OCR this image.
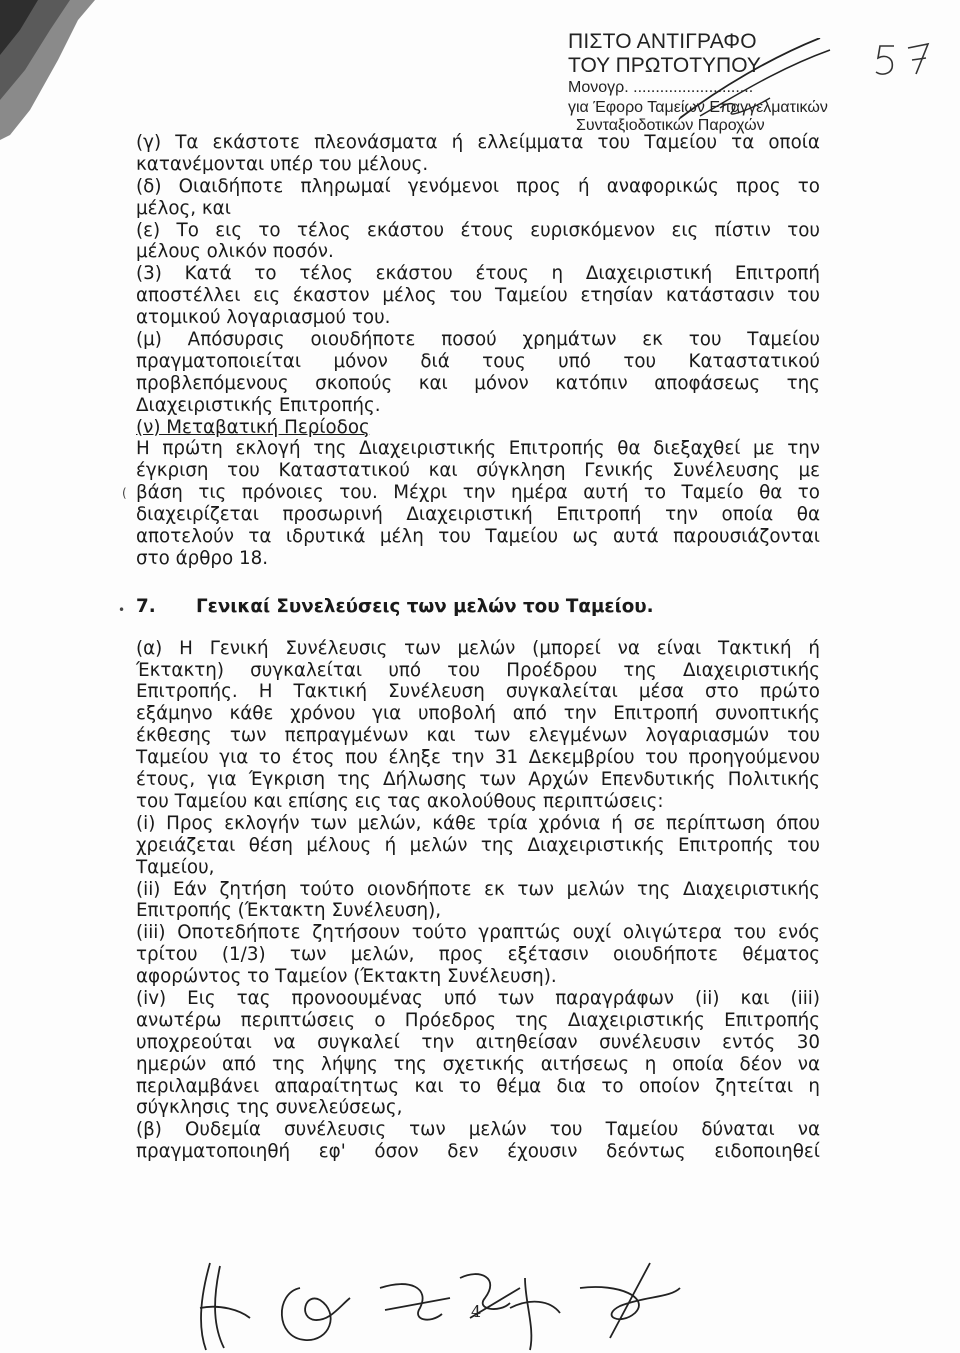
ΠΙΣΤΟ ΑΝΤΙΓΡΑΦΟ
ΤΟΥ ΠΡΩΤΟΤΥΠΟΥ
Μονογρ. ...........................
για Έφορο Ταμείων Επαγγελματικών
Συνταξιοδοτικών Παροχών
(γ) Τα εκάστοτε πλεονάσματα ή ελλείμματα του Ταμείου τα οποία
κατανέμονται υπέρ του μέλους.
(δ) Οιαιδήποτε πληρωμαί γενόμενοι προς ή αναφορικώς προς το
μέλος, και
(ε) Το εις το τέλος εκάστου έτους ευρισκόμενον εις πίστιν του
μέλους ολικόν ποσόν.
(3) Κατά το τέλος εκάστου έτους η Διαχειριστική Επιτροπή
αποστέλλει εις έκαστον μέλος του Ταμείου ετησίαν κατάστασιν του
ατομικού λογαριασμού του.
(μ) Απόσυρσις οιουδήποτε ποσού χρημάτων εκ του Ταμείου
πραγματοποιείται μόνον διά τους υπό του Καταστατικού
προβλεπόμενους σκοπούς και μόνον κατόπιν αποφάσεως της
Διαχειριστικής Επιτροπής.
(ν) Μεταβατική Περίοδος
Η πρώτη εκλογή της Διαχειριστικής Επιτροπής θα διεξαχθεί με την
έγκριση του Καταστατικού και σύγκληση Γενικής Συνέλευσης με
βάση τις πρόνοιες του. Μέχρι την ημέρα αυτή το Ταμείο θα το
διαχειρίζεται προσωρινή Διαχειριστική Επιτροπή την οποία θα
αποτελούν τα ιδρυτικά μέλη του Ταμείου ως αυτά παρουσιάζονται
στο άρθρο 18.
7. Γενικαί Συνελεύσεις των μελών του Ταμείου.
(α) Η Γενική Συνέλευσις των μελών (μπορεί να είναι Τακτική ή
Έκτακτη) συγκαλείται υπό του Προέδρου της Διαχειριστικής
Επιτροπής. Η Τακτική Συνέλευση συγκαλείται μέσα στο πρώτο
εξάμηνο κάθε χρόνου για υποβολή από την Επιτροπή συνοπτικής
έκθεσης των πεπραγμένων και των ελεγμένων λογαριασμών του
Ταμείου για το έτος που έληξε την 31 Δεκεμβρίου του προηγούμενου
έτους, για Έγκριση της Δήλωσης των Αρχών Επενδυτικής Πολιτικής
του Ταμείου και επίσης εις τας ακολούθους περιπτώσεις:
(i) Προς εκλογήν των μελών, κάθε τρία χρόνια ή σε περίπτωση όπου
χρειάζεται θέση μέλους ή μελών της Διαχειριστικής Επιτροπής του
Ταμείου,
(ii) Εάν ζητήση τούτο οιονδήποτε εκ των μελών της Διαχειριστικής
Επιτροπής (Έκτακτη Συνέλευση),
(iii) Οποτεδήποτε ζητήσουν τούτο γραπτώς ουχί ολιγώτερα του ενός
τρίτου (1/3) των μελών, προς εξέτασιν οιουδήποτε θέματος
αφορώντος το Ταμείον (Έκτακτη Συνέλευση).
(iv) Εις τας προνοουμένας υπό των παραγράφων (ii) και (iii)
ανωτέρω περιπτώσεις ο Πρόεδρος της Διαχειριστικής Επιτροπής
υποχρεούται να συγκαλεί την αιτηθείσαν συνέλευσιν εντός 30
ημερών από της λήψης της σχετικής αιτήσεως η οποία δέον να
περιλαμβάνει απαραίτητως και το θέμα δια το οποίον ζητείται η
σύγκλησις της συνελεύσεως,
(β) Ουδεμία συνέλευσις των μελών του Ταμείου δύναται να
πραγματοποιηθή εφ' όσον δεν έχουσιν δεόντως ειδοποιηθεί
•
(
4
